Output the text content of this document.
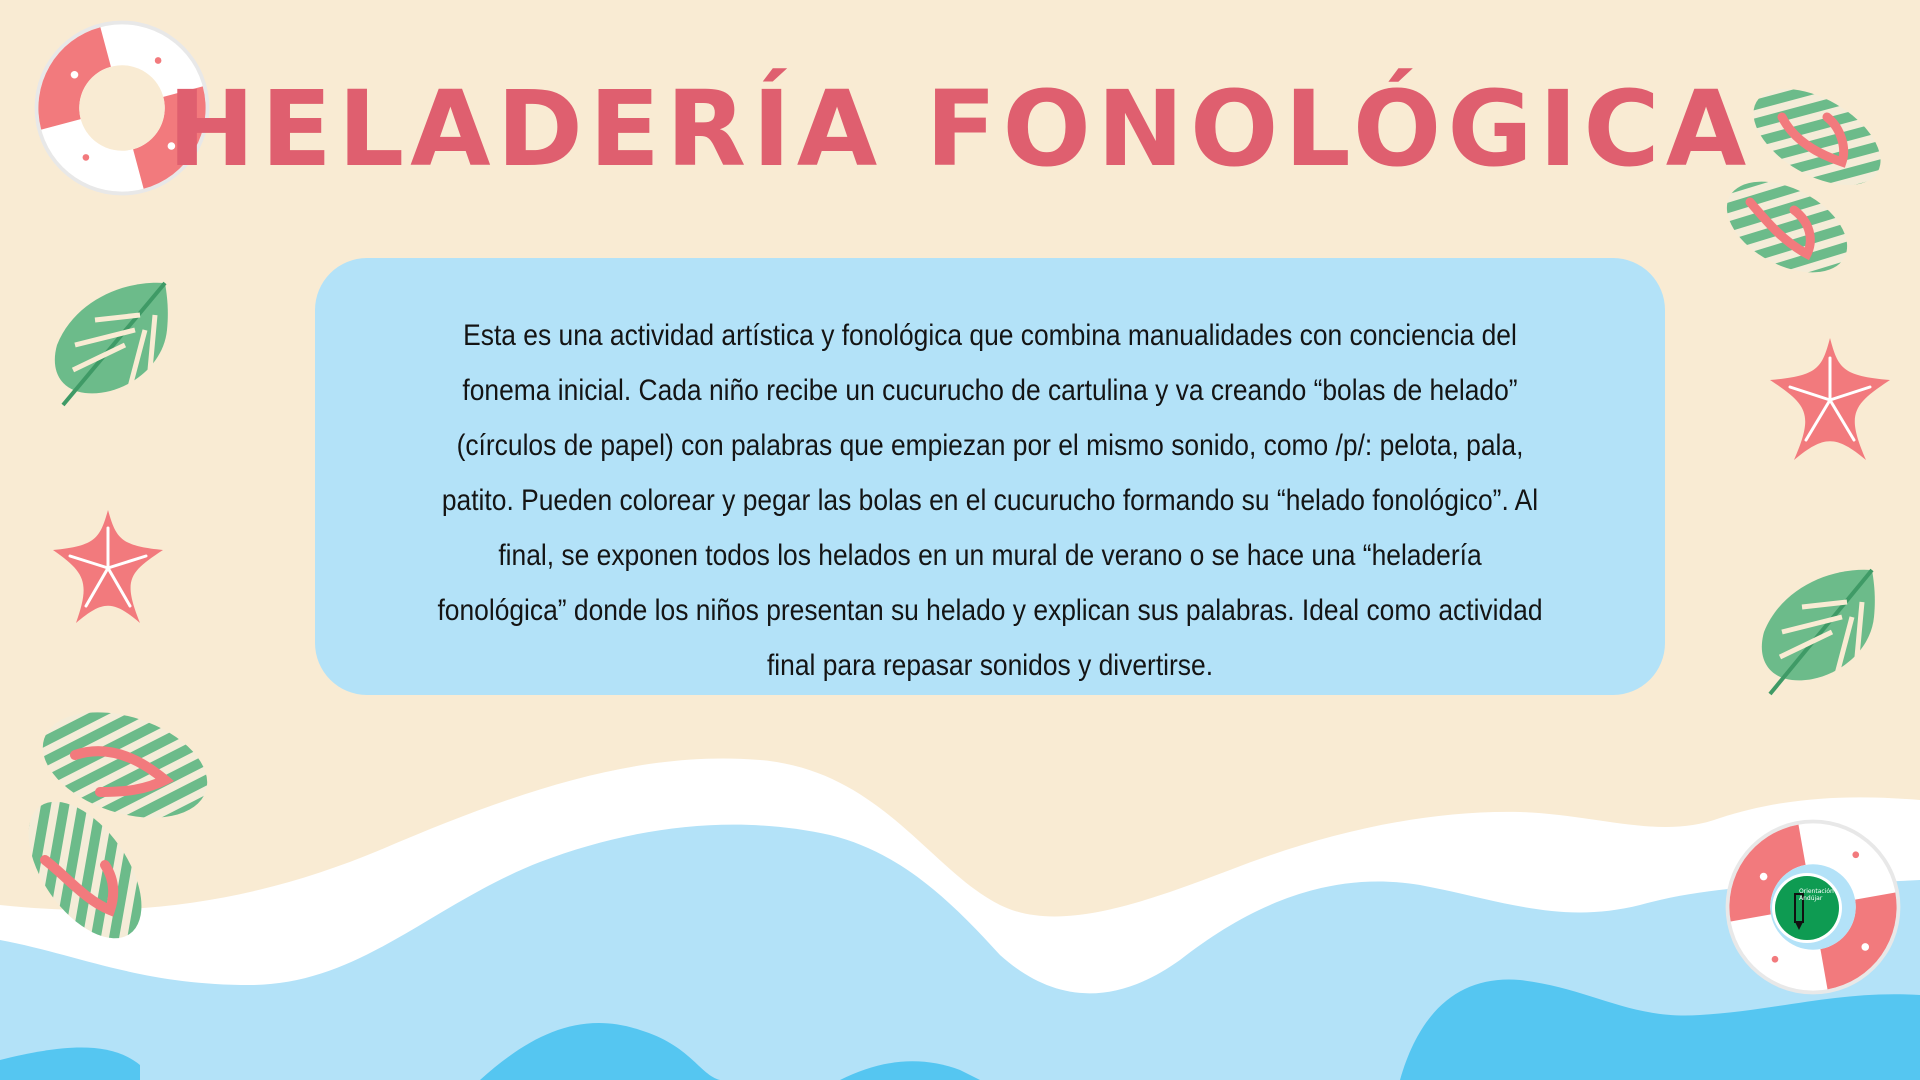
Orientación Andújar
HELADERÍA FONOLÓGICA

Esta es una actividad artística y fonológica que combina manualidades con conciencia del fonema inicial. Cada niño recibe un cucurucho de cartulina y va creando “bolas de helado” (círculos de papel) con palabras que empiezan por el mismo sonido, como /p/: pelota, pala, patito. Pueden colorear y pegar las bolas en el cucurucho formando su “helado fonológico”. Al final, se exponen todos los helados en un mural de verano o se hace una “heladería fonológica” donde los niños presentan su helado y explican sus palabras. Ideal como actividad final para repasar sonidos y divertirse.
